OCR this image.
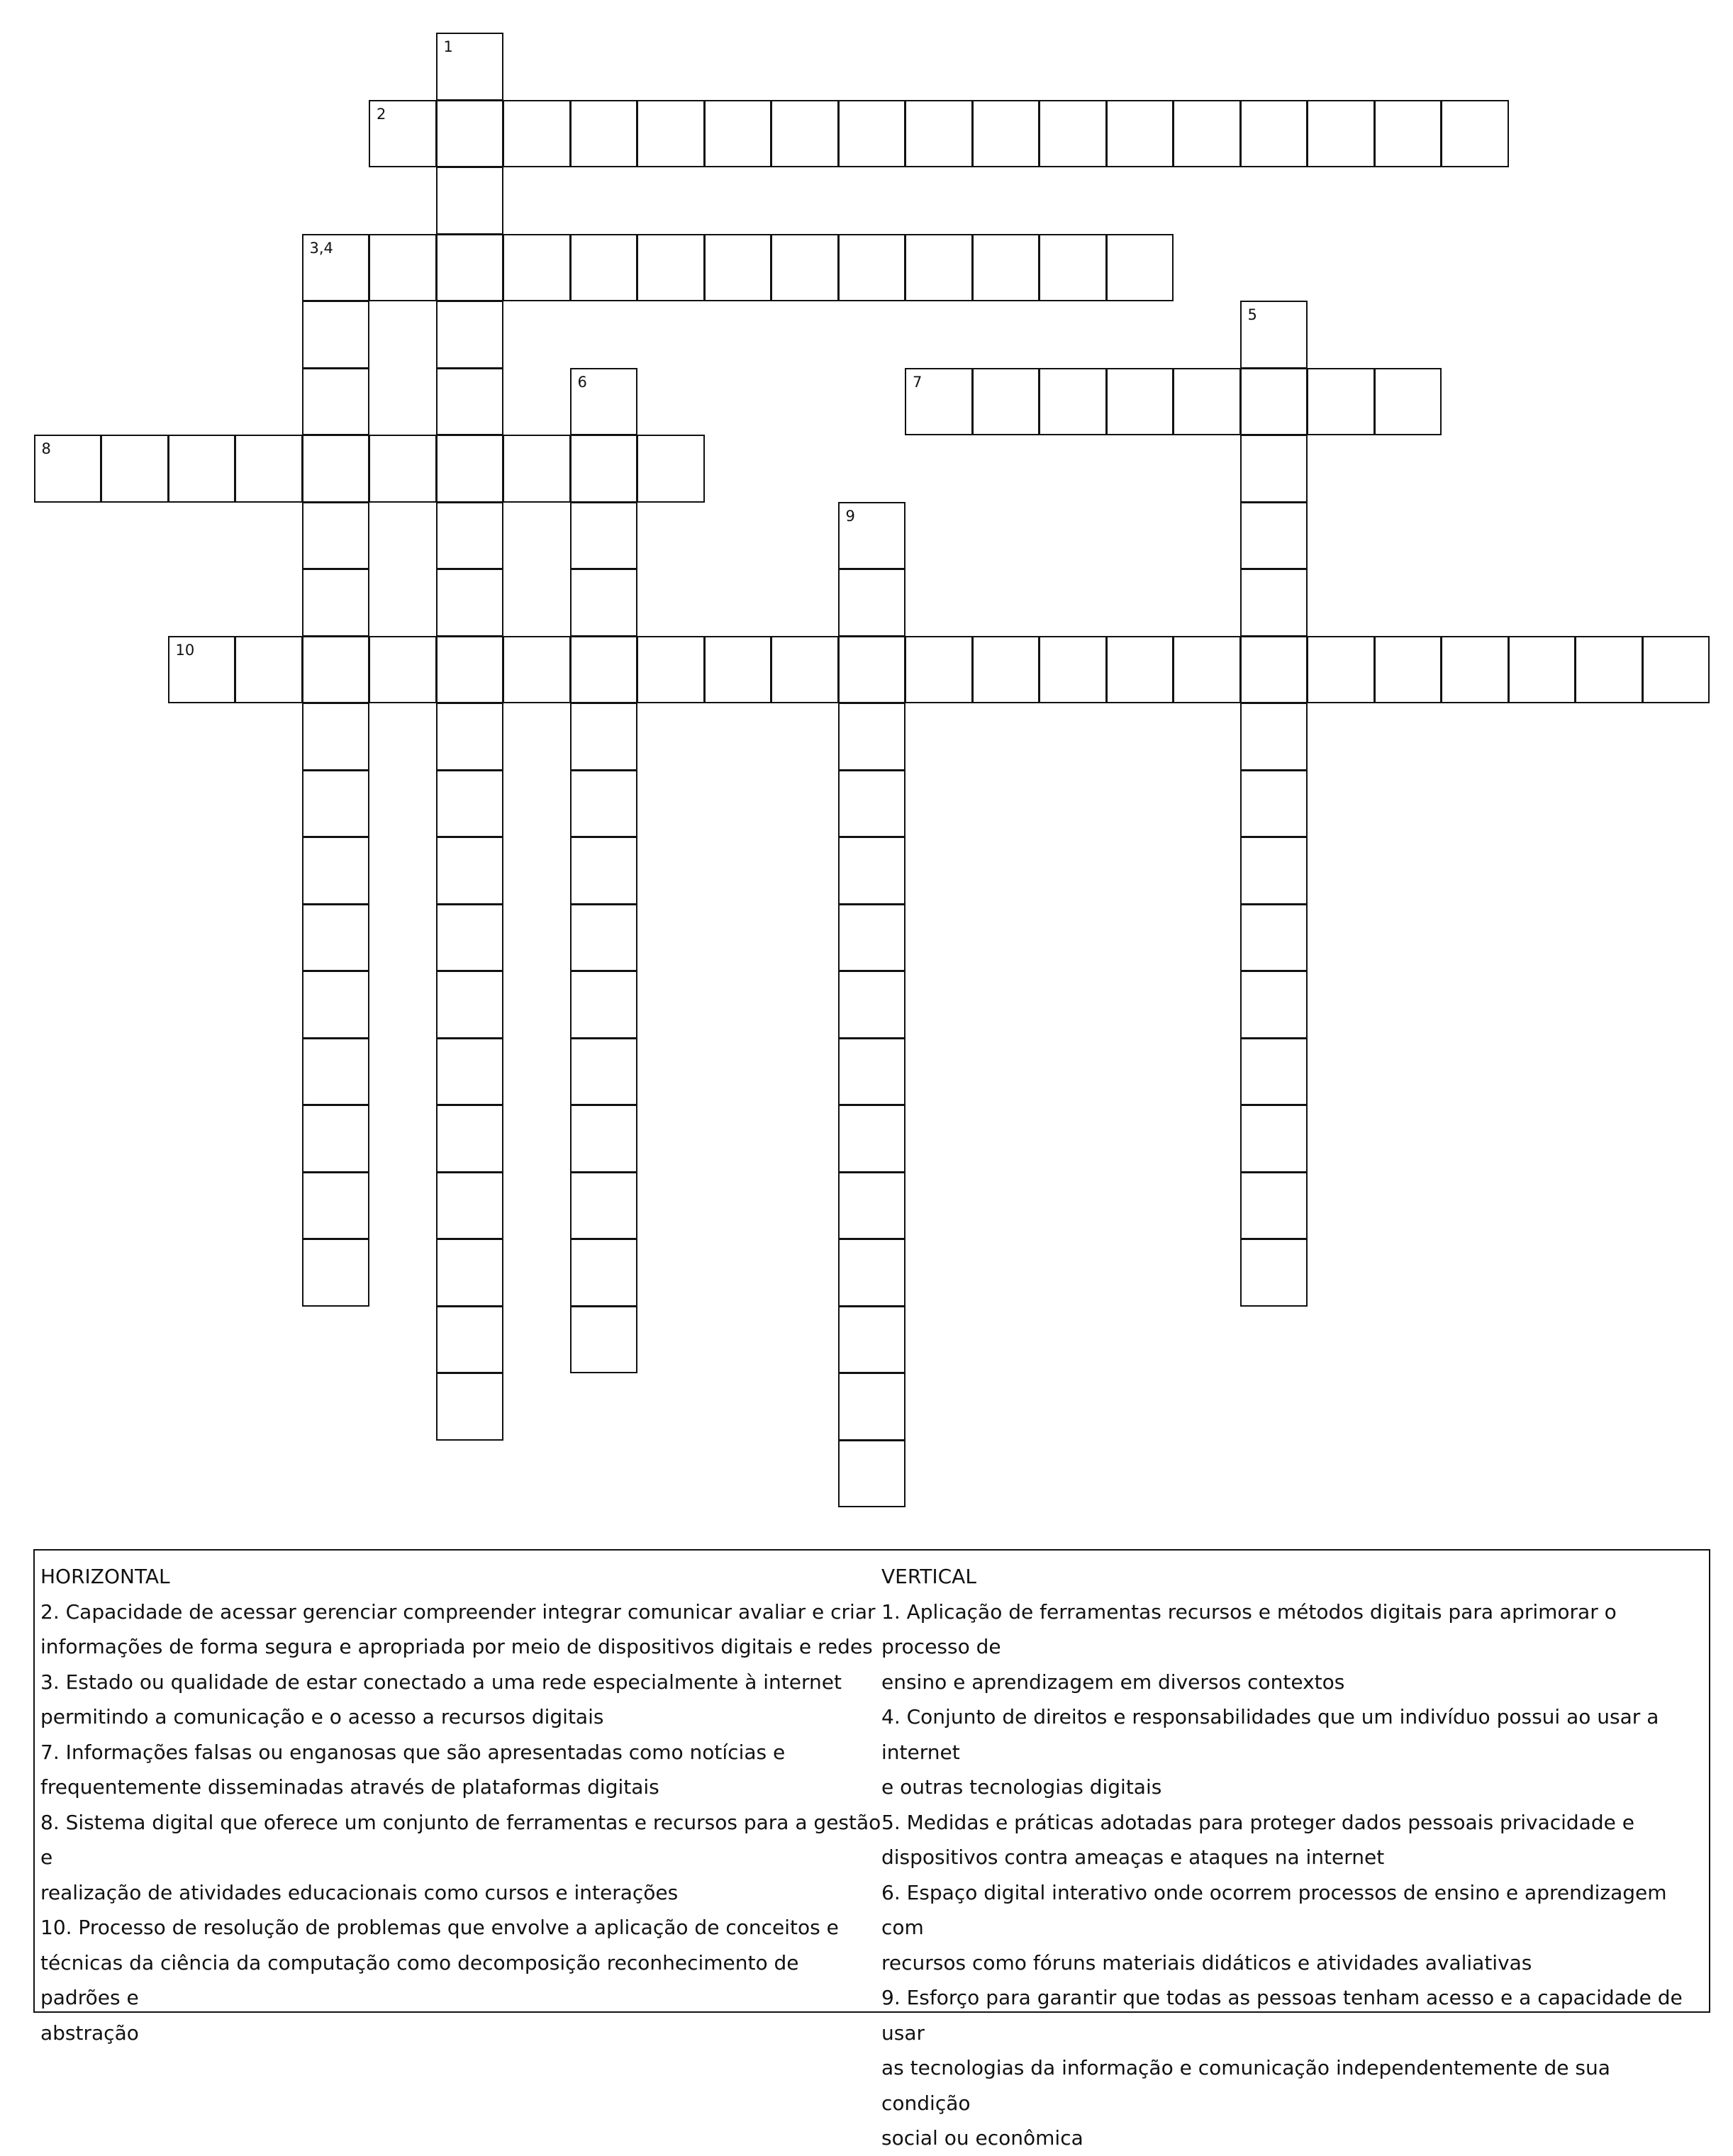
1
2
3,4
5
6	7
8
9
10
HORIZONTAL
2. Capacidade de acessar gerenciar compreender integrar comunicar avaliar e criar
informações de forma segura e apropriada por meio de dispositivos digitais e redes
3. Estado ou qualidade de estar conectado a uma rede especialmente à internet
permitindo a comunicação e o acesso a recursos digitais
7. Informações falsas ou enganosas que são apresentadas como notícias e
frequentemente disseminadas através de plataformas digitais
8. Sistema digital que oferece um conjunto de ferramentas e recursos para a gestão e
realização de atividades educacionais como cursos e interações
10. Processo de resolução de problemas que envolve a aplicação de conceitos e
técnicas da ciência da computação como decomposição reconhecimento de padrões e
abstração
VERTICAL
1. Aplicação de ferramentas recursos e métodos digitais para aprimorar o processo de
ensino e aprendizagem em diversos contextos
4. Conjunto de direitos e responsabilidades que um indivíduo possui ao usar a internet
e outras tecnologias digitais
5. Medidas e práticas adotadas para proteger dados pessoais privacidade e
dispositivos contra ameaças e ataques na internet
6. Espaço digital interativo onde ocorrem processos de ensino e aprendizagem com
recursos como fóruns materiais didáticos e atividades avaliativas
9. Esforço para garantir que todas as pessoas tenham acesso e a capacidade de usar
as tecnologias da informação e comunicação independentemente de sua condição
social ou econômica
